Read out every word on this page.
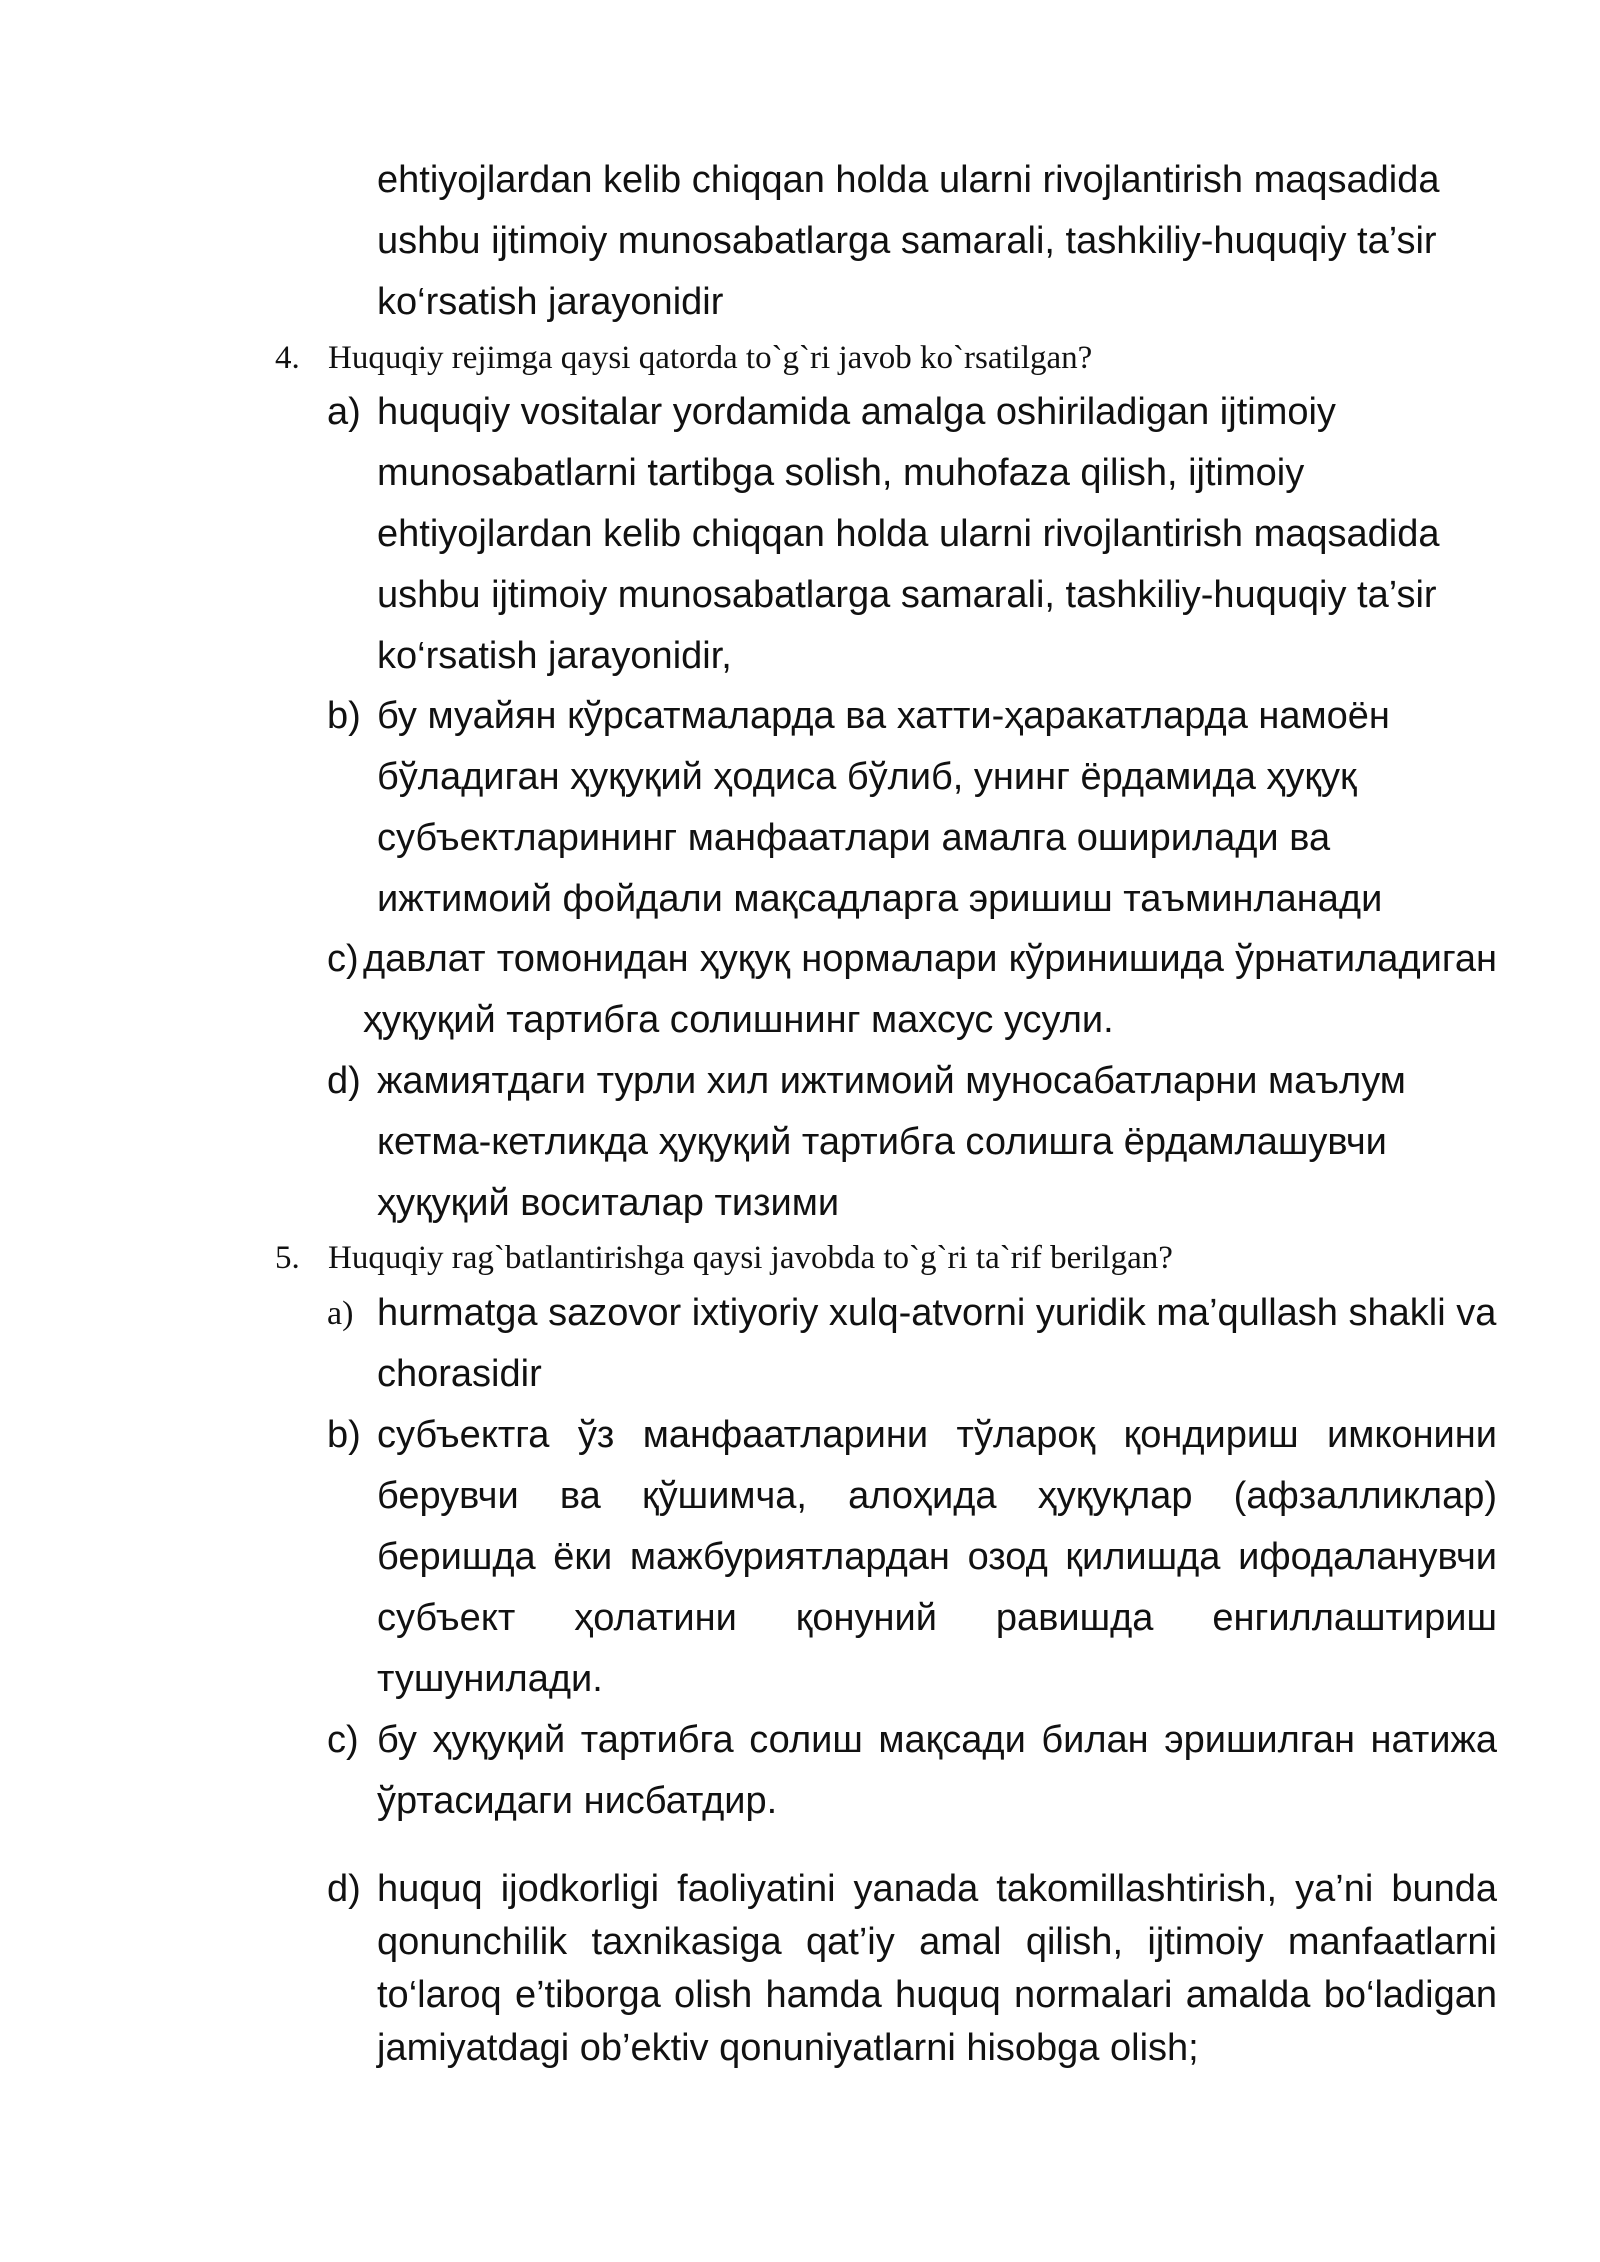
ehtiyojlardan kelib chiqqan holda ularni rivojlantirish maqsadida ushbu ijtimoiy munosabatlarga samarali, tashkiliy-huquqiy ta’sir ko‘rsatish jarayonidir
4. Huquqiy rejimga qaysi qatorda to`g`ri javob ko`rsatilgan?
a) huquqiy vositalar yordamida amalga oshiriladigan ijtimoiy munosabatlarni tartibga solish, muhofaza qilish, ijtimoiy ehtiyojlardan kelib chiqqan holda ularni rivojlantirish maqsadida ushbu ijtimoiy munosabatlarga samarali, tashkiliy-huquqiy ta’sir ko‘rsatish jarayonidir,
b) бу муайян кўрсатмаларда ва хатти-ҳаракатларда намоён бўладиган ҳуқуқий ҳодиса бўлиб, унинг ёрдамида ҳуқуқ субъектларининг манфаатлари амалга оширилади ва ижтимоий фойдали мақсадларга эришиш таъминланади
c) давлат томонидан ҳуқуқ нормалари кўринишида ўрнатиладиган ҳуқуқий тартибга солишнинг махсус усули.
d) жамиятдаги турли хил ижтимоий муносабатларни маълум кетма-кетликда ҳуқуқий тартибга солишга ёрдамлашувчи ҳуқуқий воситалар тизими
5. Huquqiy rag`batlantirishga qaysi javobda to`g`ri ta`rif berilgan?
a) hurmatga sazovor ixtiyoriy xulq-atvorni yuridik ma’qullash shakli va chorasidir
b) субъектга ўз манфаатларини тўлароқ қондириш имконини берувчи ва қўшимча, алоҳида ҳуқуқлар (афзалликлар) беришда ёки мажбуриятлардан озод қилишда ифодаланувчи субъект ҳолатини қонуний равишда енгиллаштириш тушунилади.
c) бу ҳуқуқий тартибга солиш мақсади билан эришилган натижа ўртасидаги нисбатдир.
d) huquq ijodkorligi faoliyatini yanada takomillashtirish, ya’ni bunda qonunchilik taxnikasiga qat’iy amal qilish, ijtimoiy manfaatlarni to‘laroq e’tiborga olish hamda huquq normalari amalda bo‘ladigan jamiyatdagi ob’ektiv qonuniyatlarni hisobga olish;
